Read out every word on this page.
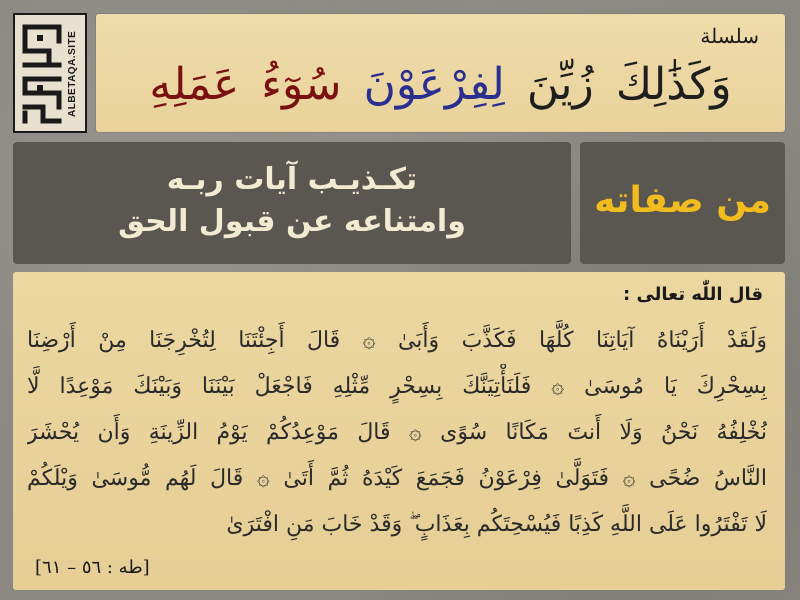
ALBETAQA.SITE	سلسلة
وَكَذَٰلِكَ زُيِّنَ لِفِرْعَوْنَ سُوٓءُ عَمَلِهِ
تكـذيـب آيات ربـه
وامتناعه عن قبول الحق
من صفاته
قال اللّٰه تعالى :
وَلَقَدْ أَرَيْنَاهُ آيَاتِنَا كُلَّهَا فَكَذَّبَ وَأَبَىٰ ۞ قَالَ أَجِئْتَنَا لِتُخْرِجَنَا مِنْ أَرْضِنَا
بِسِحْرِكَ يَا مُوسَىٰ ۞ فَلَنَأْتِيَنَّكَ بِسِحْرٍ مِّثْلِهِ فَاجْعَلْ بَيْنَنَا وَبَيْنَكَ مَوْعِدًا لَّا
نُخْلِفُهُ نَحْنُ وَلَا أَنتَ مَكَانًا سُوًى ۞ قَالَ مَوْعِدُكُمْ يَوْمُ الزِّينَةِ وَأَن يُحْشَرَ
النَّاسُ ضُحًى ۞ فَتَوَلَّىٰ فِرْعَوْنُ فَجَمَعَ كَيْدَهُ ثُمَّ أَتَىٰ ۞ قَالَ لَهُم مُّوسَىٰ وَيْلَكُمْ
لَا تَفْتَرُوا عَلَى اللَّهِ كَذِبًا فَيُسْحِتَكُم بِعَذَابٍ ۖ وَقَدْ خَابَ مَنِ افْتَرَىٰ
[طه : ٥٦ – ٦١]
